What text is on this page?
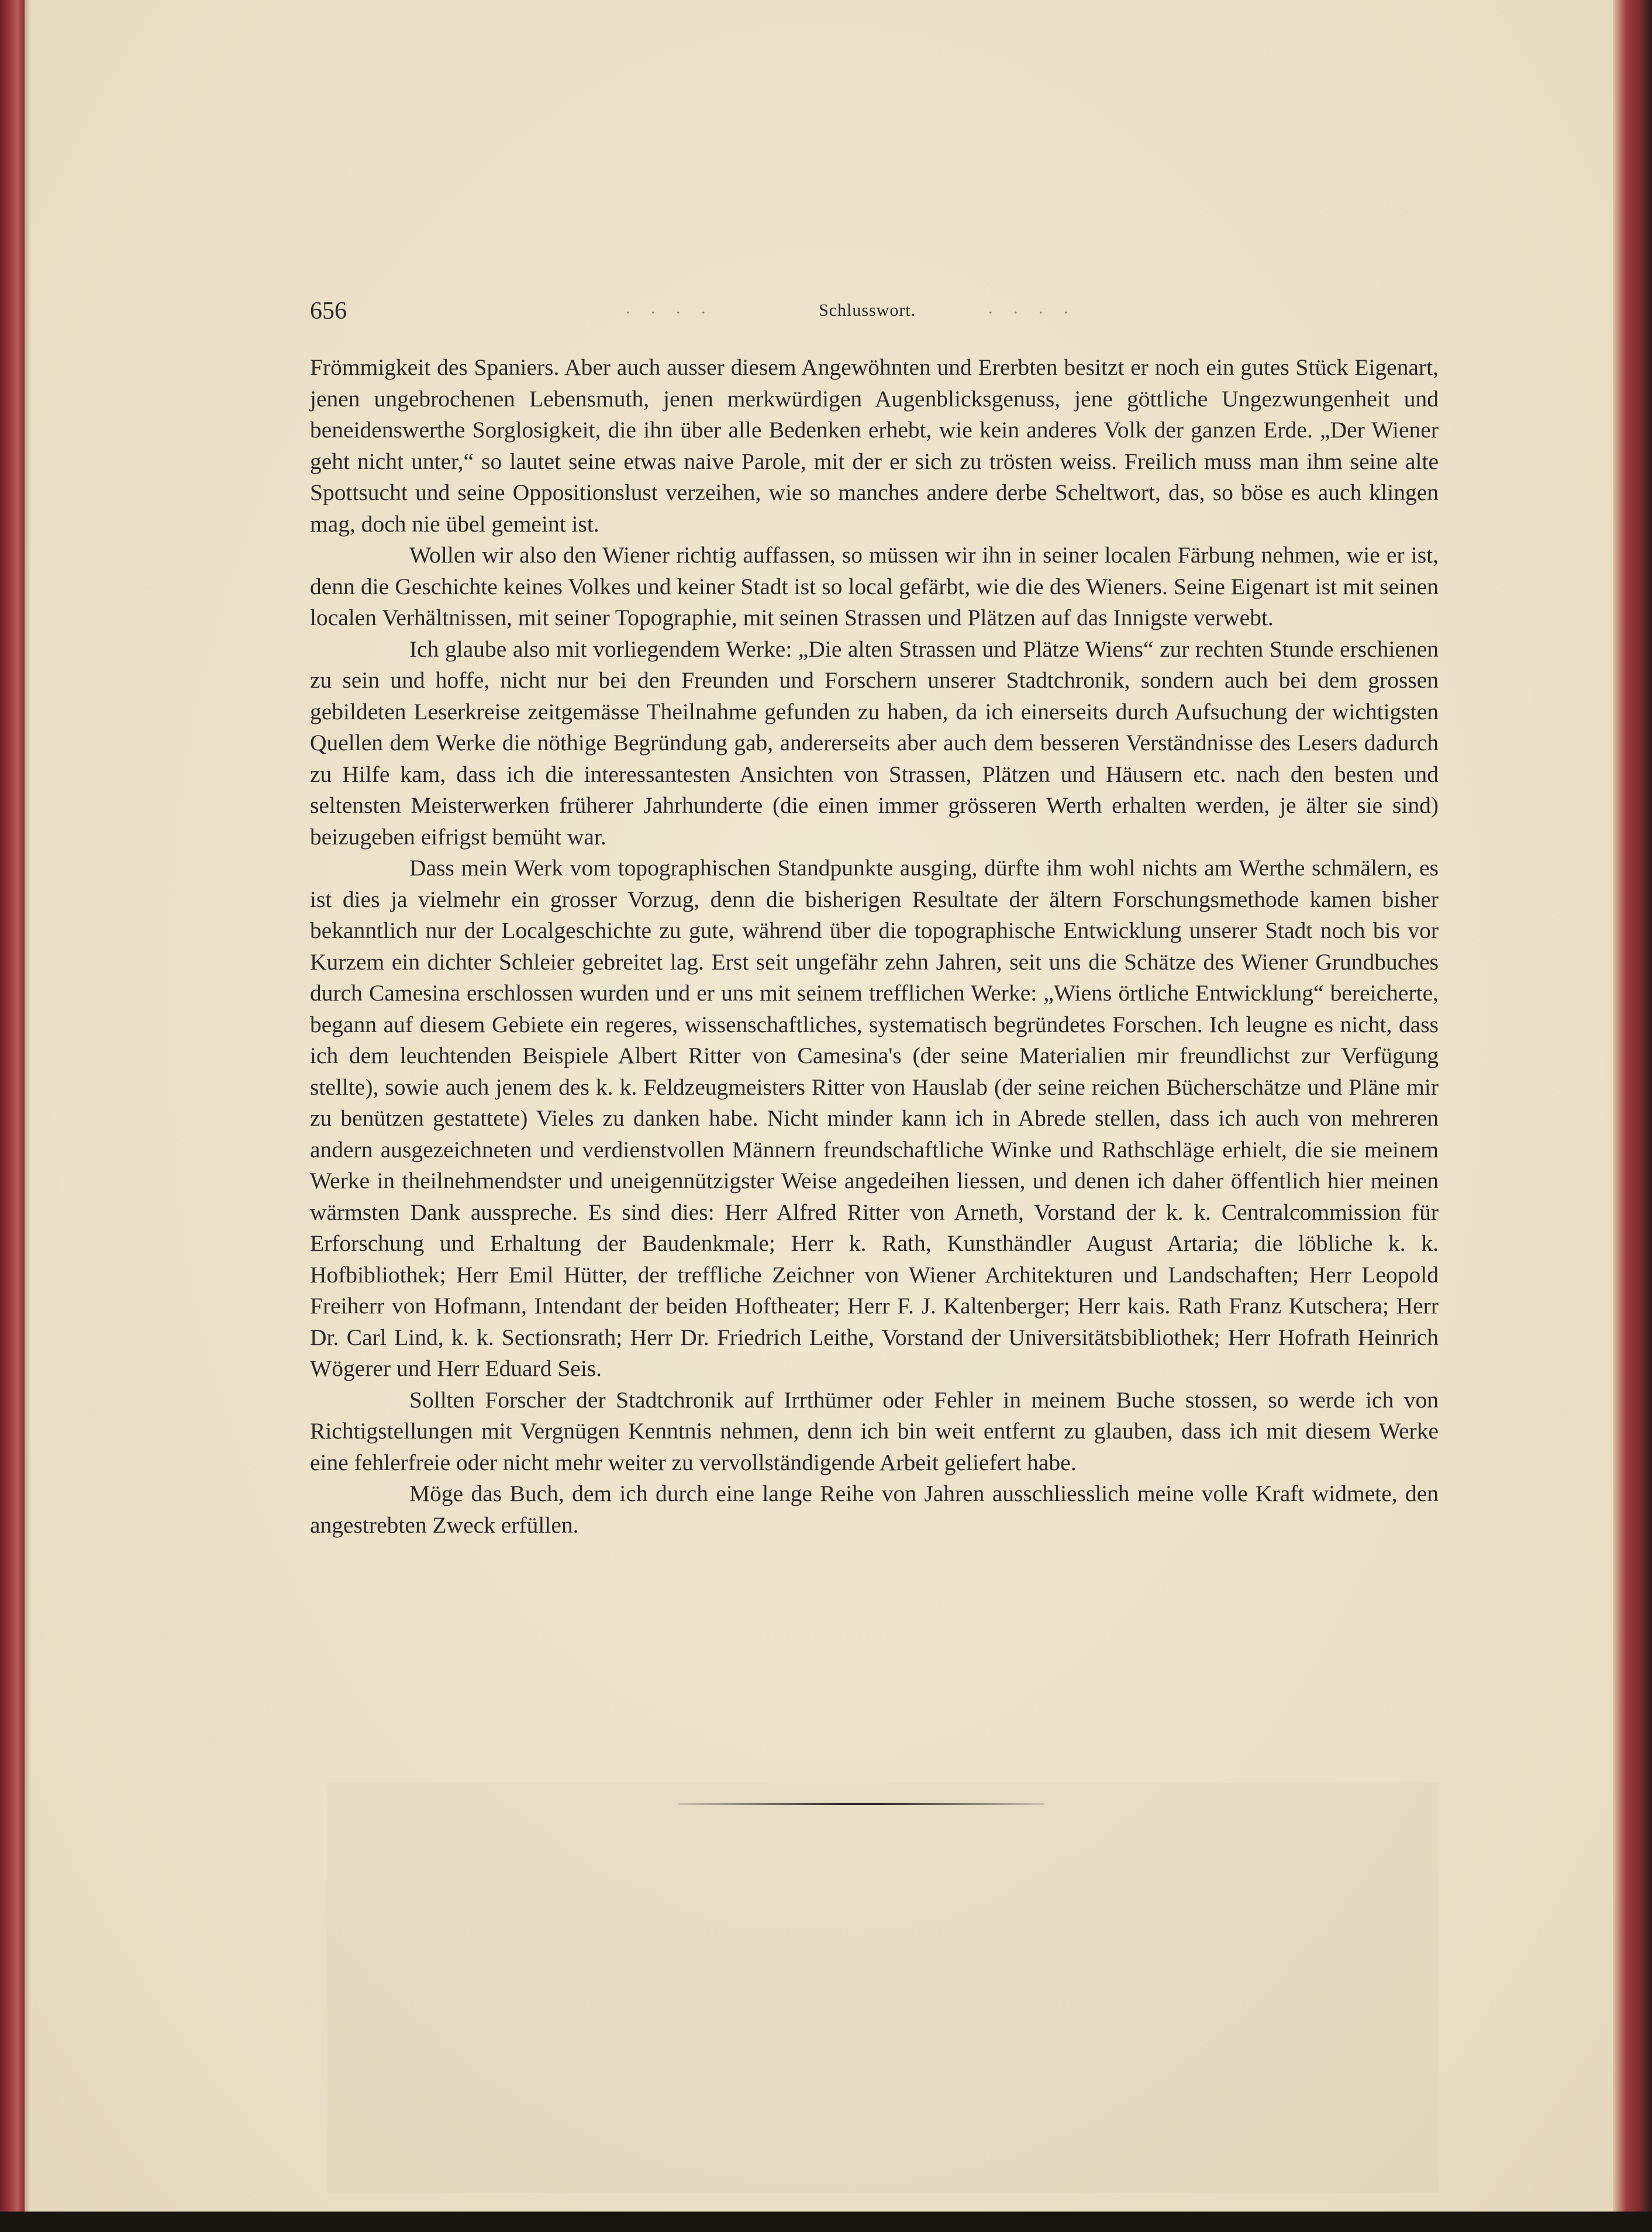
656	. . . .	Schlusswort.	. . . .

Frömmigkeit des Spaniers. Aber auch ausser diesem Angewöhnten und Ererbten besitzt er noch ein gutes Stück Eigenart, jenen ungebrochenen Lebensmuth, jenen merkwürdigen Augenblicksgenuss, jene göttliche Ungezwungenheit und beneidenswerthe Sorglosigkeit, die ihn über alle Bedenken erhebt, wie kein anderes Volk der ganzen Erde. „Der Wiener geht nicht unter,“ so lautet seine etwas naive Parole, mit der er sich zu trösten weiss. Freilich muss man ihm seine alte Spottsucht und seine Oppositionslust verzeihen, wie so manches andere derbe Scheltwort, das, so böse es auch klingen mag, doch nie übel gemeint ist.

Wollen wir also den Wiener richtig auffassen, so müssen wir ihn in seiner localen Färbung nehmen, wie er ist, denn die Geschichte keines Volkes und keiner Stadt ist so local gefärbt, wie die des Wieners. Seine Eigenart ist mit seinen localen Verhältnissen, mit seiner Topographie, mit seinen Strassen und Plätzen auf das Innigste verwebt.

Ich glaube also mit vorliegendem Werke: „Die alten Strassen und Plätze Wiens“ zur rechten Stunde erschienen zu sein und hoffe, nicht nur bei den Freunden und Forschern unserer Stadtchronik, sondern auch bei dem grossen gebildeten Leserkreise zeitgemässe Theilnahme gefunden zu haben, da ich einerseits durch Aufsuchung der wichtigsten Quellen dem Werke die nöthige Begründung gab, andererseits aber auch dem besseren Verständnisse des Lesers dadurch zu Hilfe kam, dass ich die interessantesten Ansichten von Strassen, Plätzen und Häusern etc. nach den besten und seltensten Meisterwerken früherer Jahrhunderte (die einen immer grösseren Werth erhalten werden, je älter sie sind) beizugeben eifrigst bemüht war.

Dass mein Werk vom topographischen Standpunkte ausging, dürfte ihm wohl nichts am Werthe schmälern, es ist dies ja vielmehr ein grosser Vorzug, denn die bisherigen Resultate der ältern Forschungsmethode kamen bisher bekanntlich nur der Localgeschichte zu gute, während über die topographische Entwicklung unserer Stadt noch bis vor Kurzem ein dichter Schleier gebreitet lag. Erst seit ungefähr zehn Jahren, seit uns die Schätze des Wiener Grundbuches durch Camesina erschlossen wurden und er uns mit seinem trefflichen Werke: „Wiens örtliche Entwicklung“ bereicherte, begann auf diesem Gebiete ein regeres, wissenschaftliches, systematisch begründetes Forschen. Ich leugne es nicht, dass ich dem leuchtenden Beispiele Albert Ritter von Camesina's (der seine Materialien mir freundlichst zur Verfügung stellte), sowie auch jenem des k. k. Feldzeugmeisters Ritter von Hauslab (der seine reichen Bücherschätze und Pläne mir zu benützen gestattete) Vieles zu danken habe. Nicht minder kann ich in Abrede stellen, dass ich auch von mehreren andern ausgezeichneten und verdienstvollen Männern freundschaftliche Winke und Rathschläge erhielt, die sie meinem Werke in theilnehmendster und uneigennützigster Weise angedeihen liessen, und denen ich daher öffentlich hier meinen wärmsten Dank ausspreche. Es sind dies: Herr Alfred Ritter von Arneth, Vorstand der k. k. Centralcommission für Erforschung und Erhaltung der Baudenkmale; Herr k. Rath, Kunsthändler August Artaria; die löbliche k. k. Hofbibliothek; Herr Emil Hütter, der treffliche Zeichner von Wiener Architekturen und Landschaften; Herr Leopold Freiherr von Hofmann, Intendant der beiden Hoftheater; Herr F. J. Kaltenberger; Herr kais. Rath Franz Kutschera; Herr Dr. Carl Lind, k. k. Sectionsrath; Herr Dr. Friedrich Leithe, Vorstand der Universitätsbibliothek; Herr Hofrath Heinrich Wögerer und Herr Eduard Seis.

Sollten Forscher der Stadtchronik auf Irrthümer oder Fehler in meinem Buche stossen, so werde ich von Richtigstellungen mit Vergnügen Kenntnis nehmen, denn ich bin weit entfernt zu glauben, dass ich mit diesem Werke eine fehlerfreie oder nicht mehr weiter zu vervollständigende Arbeit geliefert habe.

Möge das Buch, dem ich durch eine lange Reihe von Jahren ausschliesslich meine volle Kraft widmete, den angestrebten Zweck erfüllen.
